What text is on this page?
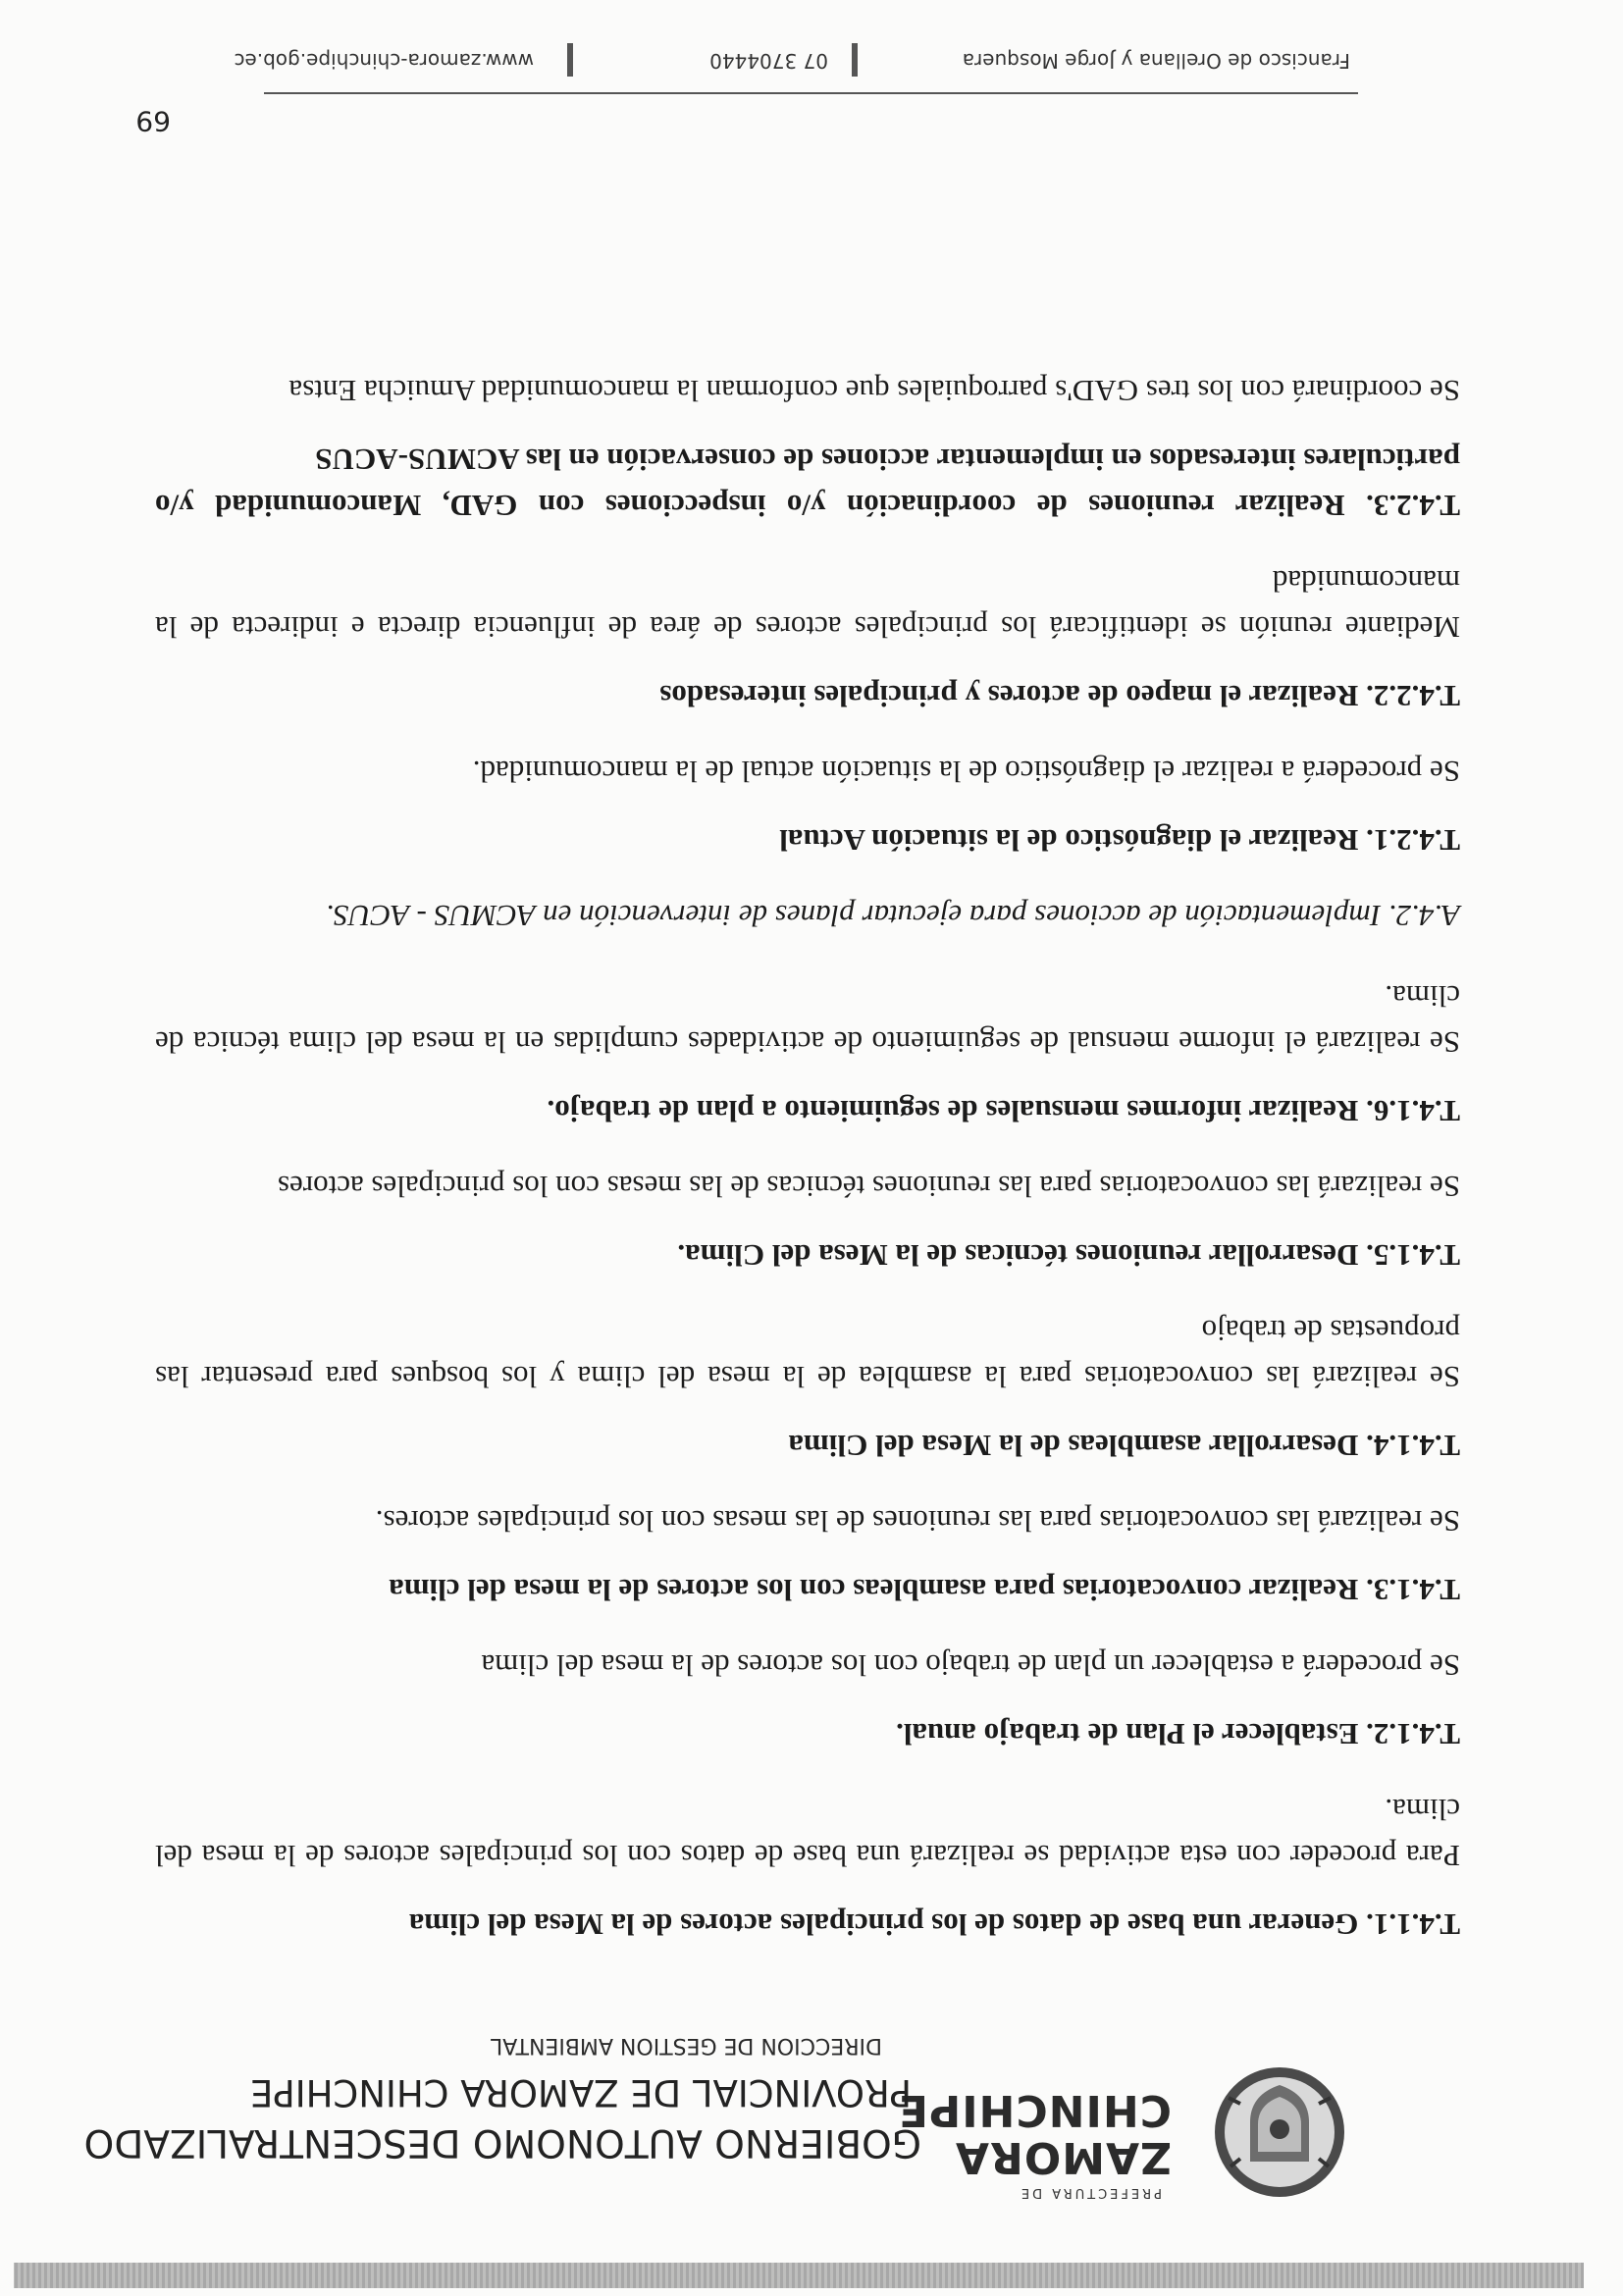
PREFECTURA DE
ZAMORA
CHINCHIPE
GOBIERNO AUTONOMO DESCENTRALIZADO
PROVINCIAL DE ZAMORA CHINCHIPE
DIRECCION DE GESTION AMBIENTAL

T.4.1.1. Generar una base de datos de los principales actores de la Mesa del clima

Para proceder con esta actividad se realizará una base de datos con los principales actores de la mesa del clima.

T.4.1.2. Establecer el Plan de trabajo anual.

Se procederá a establecer un plan de trabajo con los actores de la mesa del clima

T.4.1.3. Realizar convocatorias para asambleas con los actores de la mesa del clima

Se realizará las convocatorias para las reuniones de las mesas con los principales actores.

T.4.1.4. Desarrollar asambleas de la Mesa del Clima

Se realizará las convocatorias para la asamblea de la mesa del clima y los bosques para presentar las propuestas de trabajo

T.4.1.5. Desarrollar reuniones técnicas de la Mesa del Clima.

Se realizará las convocatorias para las reuniones técnicas de las mesas con los principales actores

T.4.1.6. Realizar informes mensuales de seguimiento a plan de trabajo.

Se realizará el informe mensual de seguimiento de actividades cumplidas en la mesa del clima técnica de clima.

A.4.2. Implementación de acciones para ejecutar planes de intervención en ACMUS - ACUS.

T.4.2.1. Realizar el diagnóstico de la situación Actual

Se procederá a realizar el diagnóstico de la situación actual de la mancomunidad.

T.4.2.2. Realizar el mapeo de actores y principales interesados

Mediante reunión se identificará los principales actores de área de influencia directa e indirecta de la mancomunidad

T.4.2.3. Realizar reuniones de coordinación y/o inspecciones con GAD, Mancomunidad y/o particulares interesados en implementar acciones de conservación en las ACMUS-ACUS

Se coordinará con los tres GAD's parroquiales que conforman la mancomunidad Amuicha Entsa

69
Francisco de Orellana y Jorge Mosquera
07 3704440
www.zamora-chinchipe.gob.ec
